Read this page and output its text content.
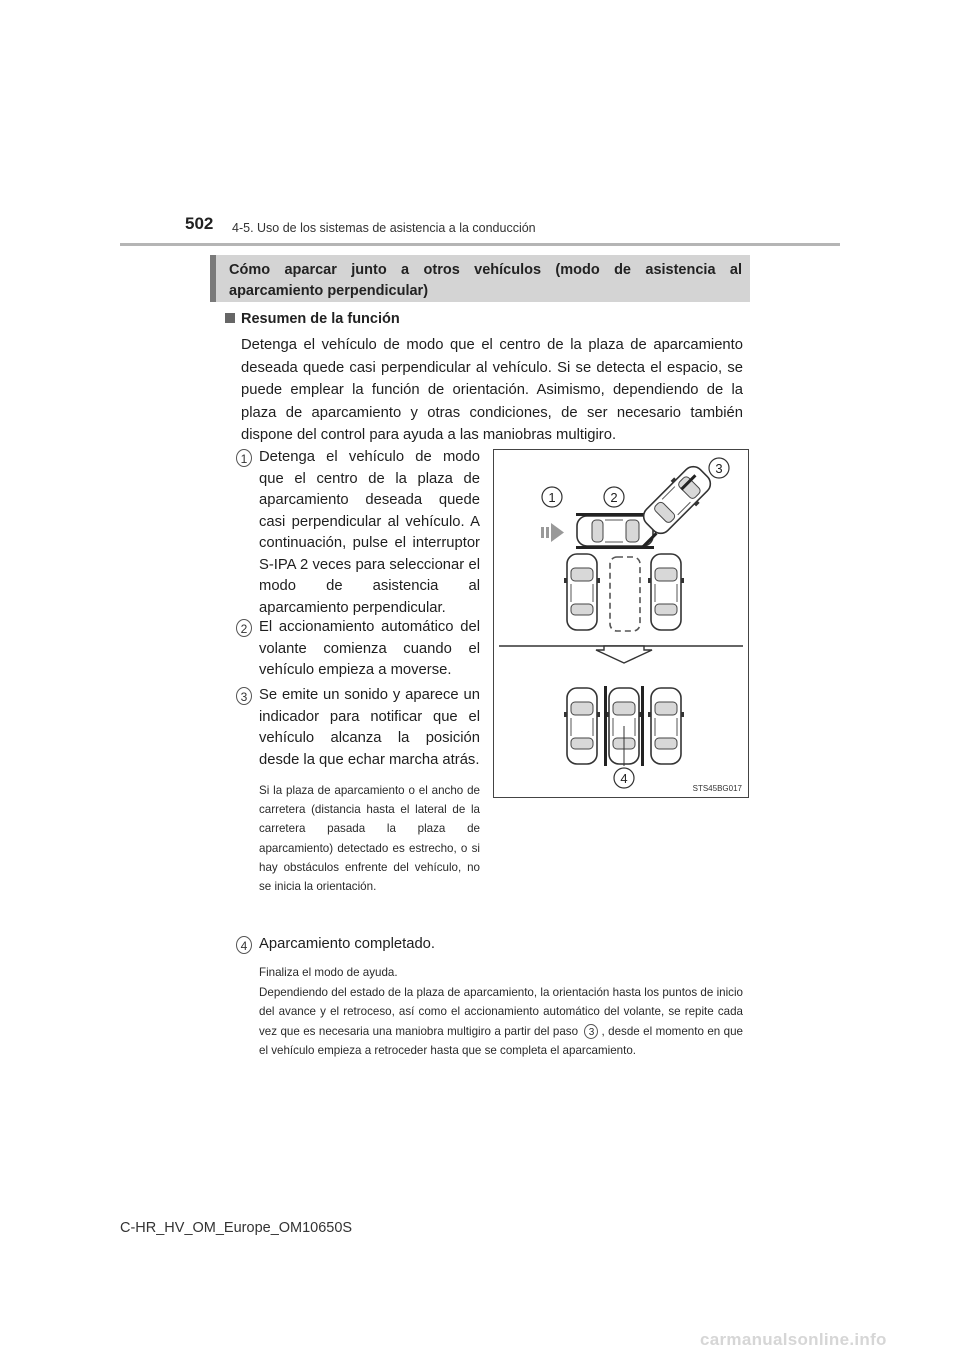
502 4-5. Uso de los sistemas de asistencia a la conducción
Cómo aparcar junto a otros vehículos (modo de asistencia al aparcamiento perpendicular)
Resumen de la función
Detenga el vehículo de modo que el centro de la plaza de aparcamiento deseada quede casi perpendicular al vehículo. Si se detecta el espacio, se puede emplear la función de orientación. Asimismo, dependiendo de la plaza de aparcamiento y otras condiciones, de ser necesario también dispone del control para ayuda a las maniobras multigiro.
1 Detenga el vehículo de modo que el centro de la plaza de aparcamiento deseada quede casi perpendicular al vehículo. A continuación, pulse el interruptor S-IPA 2 veces para seleccionar el modo de asistencia al aparcamiento perpendicular.
2 El accionamiento automático del volante comienza cuando el vehículo empieza a moverse.
3 Se emite un sonido y aparece un indicador para notificar que el vehículo alcanza la posición desde la que echar marcha atrás.
Si la plaza de aparcamiento o el ancho de carretera (distancia hasta el lateral de la carretera pasada la plaza de aparcamiento) detectado es estrecho, o si hay obstáculos enfrente del vehículo, no se inicia la orientación.
4 Aparcamiento completado.

Finaliza el modo de ayuda.

Dependiendo del estado de la plaza de aparcamiento, la orientación hasta los puntos de inicio del avance y el retroceso, así como el accionamiento automático del volante, se repite cada vez que es necesaria una maniobra multigiro a partir del paso 3 , desde el momento en que el vehículo empieza a retroceder hasta que se completa el aparcamiento.

1	2
3
4
STS45BG017
C-HR_HV_OM_Europe_OM10650S
carmanualsonline.info
